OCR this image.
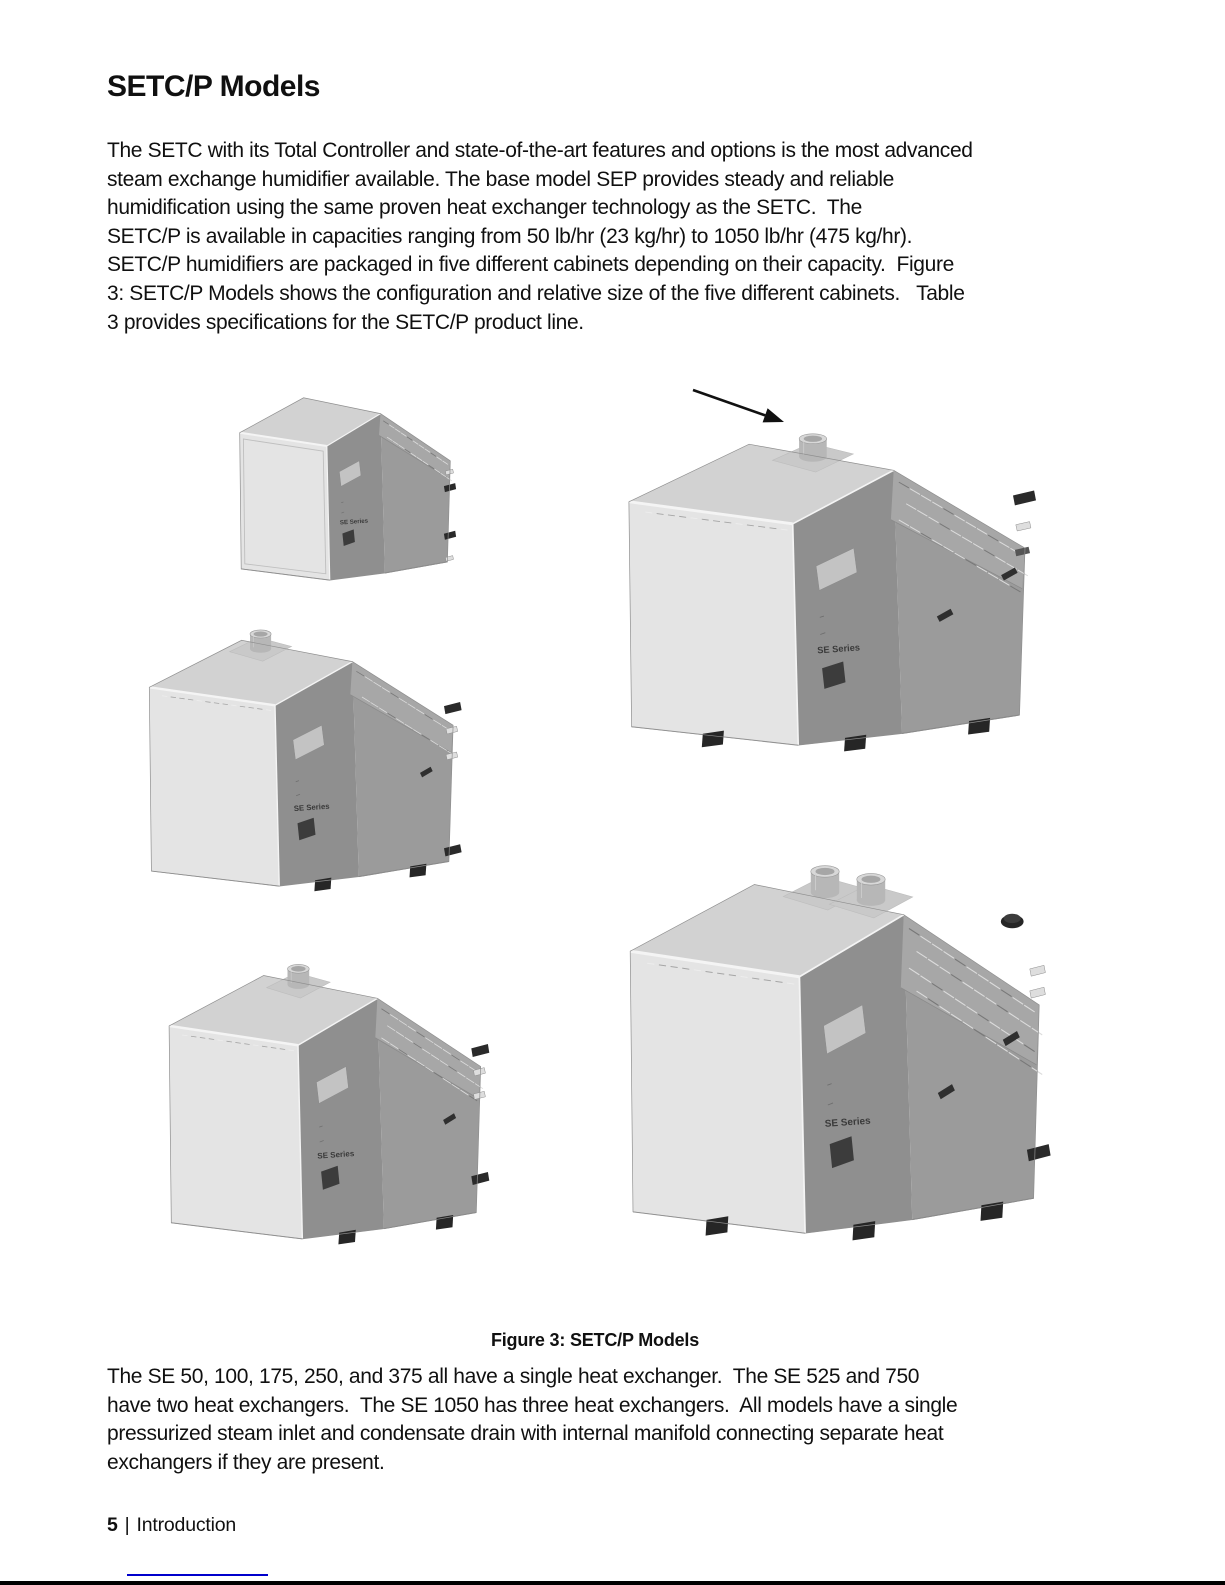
SETC/P Models
The SETC with its Total Controller and state-of-the-art features and options is the most advanced
steam exchange humidifier available. The base model SEP provides steady and reliable
humidification using the same proven heat exchanger technology as the SETC.  The
SETC/P is available in capacities ranging from 50 lb/hr (23 kg/hr) to 1050 lb/hr (475 kg/hr).
SETC/P humidifiers are packaged in five different cabinets depending on their capacity.  Figure
3: SETC/P Models shows the configuration and relative size of the five different cabinets.   Table
3 provides specifications for the SETC/P product line.
SE Series
SE Series
SE Series
SE Series
SE Series
Figure 3: SETC/P Models
The SE 50, 100, 175, 250, and 375 all have a single heat exchanger.  The SE 525 and 750
have two heat exchangers.  The SE 1050 has three heat exchangers.  All models have a single
pressurized steam inlet and condensate drain with internal manifold connecting separate heat
exchangers if they are present.
5 | Introduction
